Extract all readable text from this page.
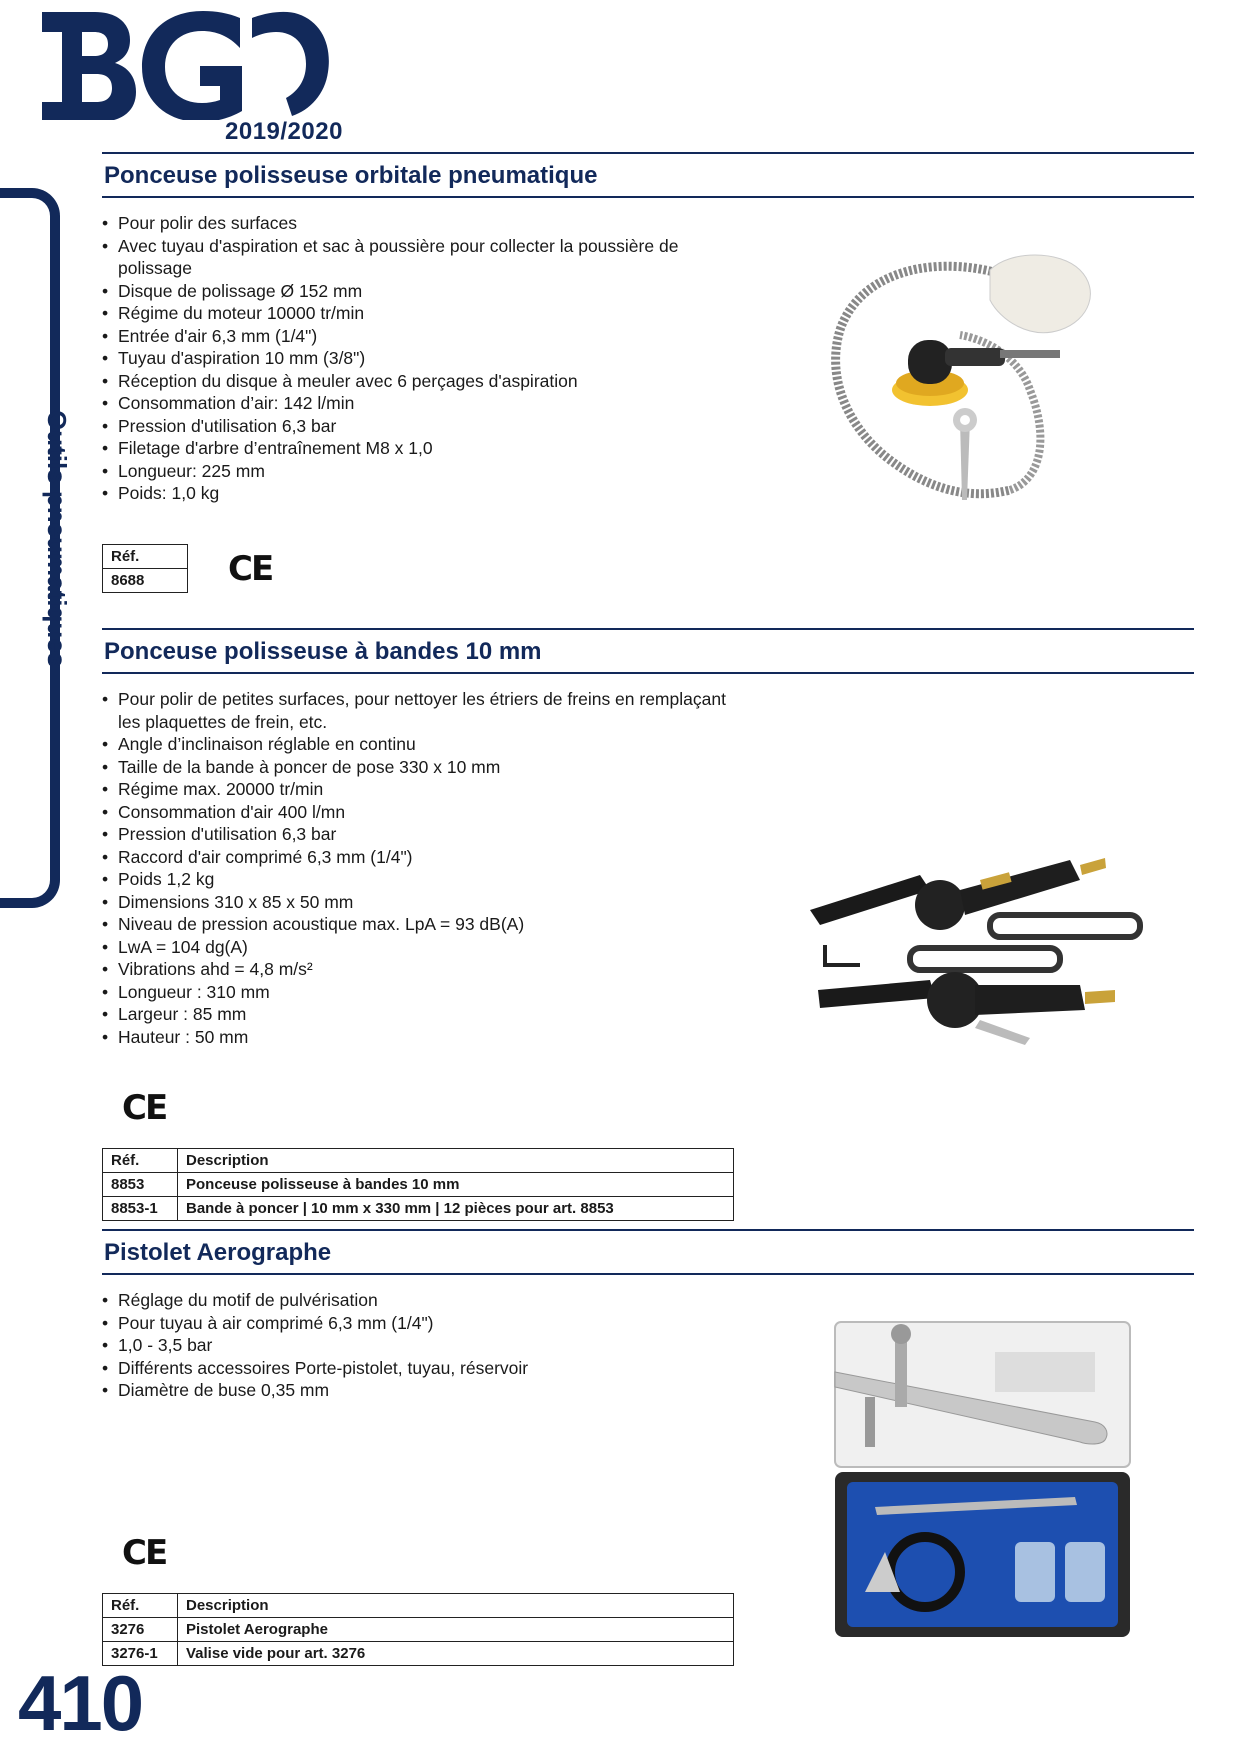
2019/2020
Outils pneumatiques
Ponceuse polisseuse orbitale pneumatique
• Pour polir des surfaces
• Avec tuyau d'aspiration et sac à poussière pour collecter la poussière de polissage
• Disque de polissage Ø 152 mm
• Régime du moteur 10000 tr/min
• Entrée d'air 6,3 mm (1/4")
• Tuyau d'aspiration 10 mm (3/8")
• Réception du disque à meuler avec 6 perçages d'aspiration
• Consommation d’air: 142 l/min
• Pression d'utilisation 6,3 bar
• Filetage d'arbre d’entraînement M8 x 1,0
• Longueur: 225 mm
• Poids: 1,0 kg
Réf.
8688 CE
Ponceuse polisseuse à bandes 10 mm
• Pour polir de petites surfaces, pour nettoyer les étriers de freins en remplaçant les plaquettes de frein, etc.
• Angle d’inclinaison réglable en continu
• Taille de la bande à poncer de pose 330 x 10 mm
• Régime max. 20000 tr/min
• Consommation d'air 400 l/mn
• Pression d'utilisation 6,3 bar
• Raccord d'air comprimé 6,3 mm (1/4")
• Poids 1,2 kg
• Dimensions 310 x 85 x 50 mm
• Niveau de pression acoustique max. LpA = 93 dB(A)
• LwA = 104 dg(A)
• Vibrations ahd = 4,8 m/s²
• Longueur : 310 mm
• Largeur : 85 mm
• Hauteur : 50 mm
CE
Réf.	Description
8853	Ponceuse polisseuse à bandes 10 mm
8853-1	Bande à poncer | 10 mm x 330 mm | 12 pièces pour art. 8853
Pistolet Aerographe
• Réglage du motif de pulvérisation
• Pour tuyau à air comprimé 6,3 mm (1/4")
• 1,0 - 3,5 bar
• Différents accessoires Porte-pistolet, tuyau, réservoir
• Diamètre de buse 0,35 mm
CE
Réf.	Description
3276	Pistolet Aerographe
3276-1	Valise vide pour art. 3276
410
